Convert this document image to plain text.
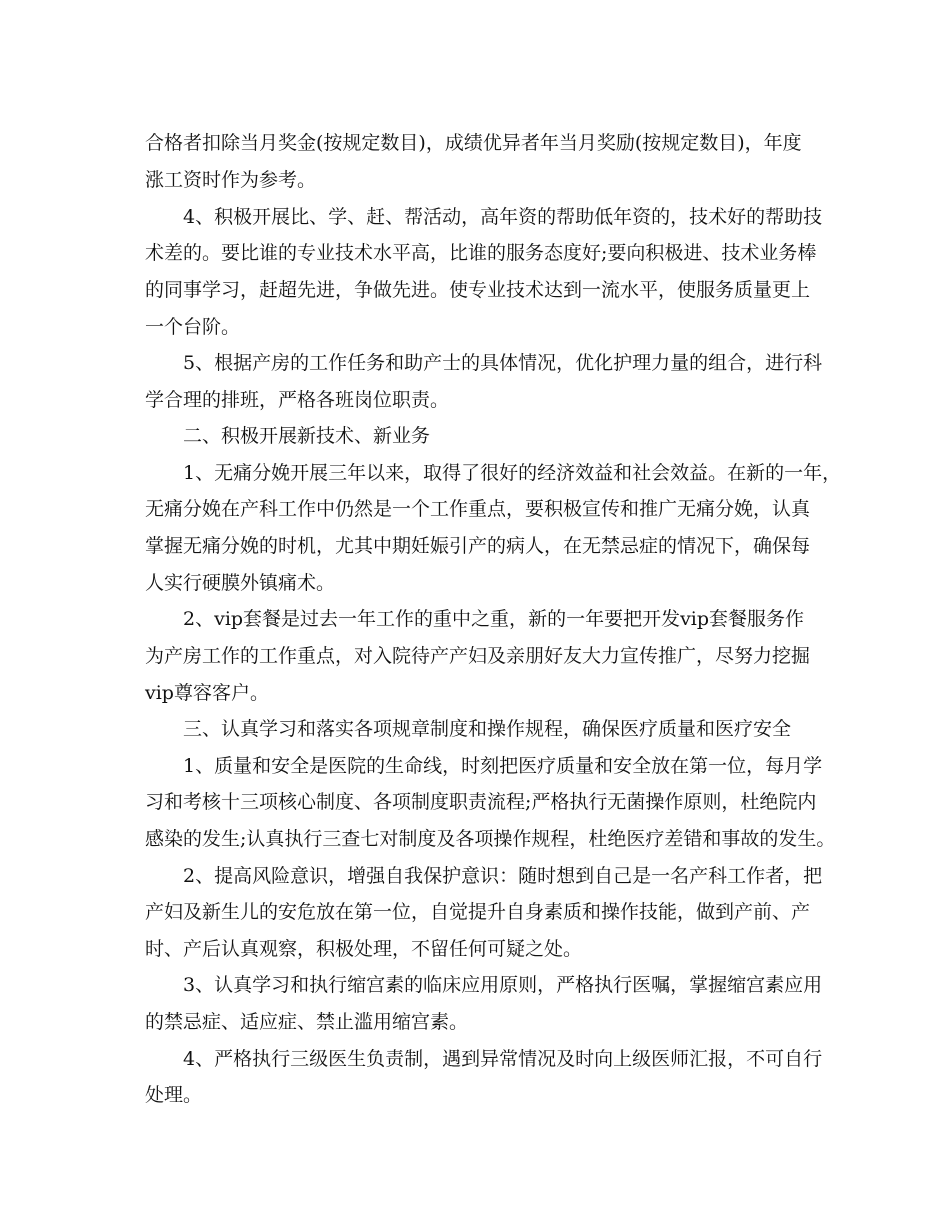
合格者扣除当月奖金(按规定数目)，成绩优异者年当月奖励(按规定数目)，年度
涨工资时作为参考。
4、积极开展比、学、赶、帮活动，高年资的帮助低年资的，技术好的帮助技
术差的。要比谁的专业技术水平高，比谁的服务态度好;要向积极进、技术业务棒
的同事学习，赶超先进，争做先进。使专业技术达到一流水平，使服务质量更上
一个台阶。
5、根据产房的工作任务和助产士的具体情况，优化护理力量的组合，进行科
学合理的排班，严格各班岗位职责。
二、积极开展新技术、新业务
1、无痛分娩开展三年以来，取得了很好的经济效益和社会效益。在新的一年，
无痛分娩在产科工作中仍然是一个工作重点，要积极宣传和推广无痛分娩，认真
掌握无痛分娩的时机，尤其中期妊娠引产的病人，在无禁忌症的情况下，确保每
人实行硬膜外镇痛术。
2、vip套餐是过去一年工作的重中之重，新的一年要把开发vip套餐服务作
为产房工作的工作重点，对入院待产产妇及亲朋好友大力宣传推广，尽努力挖掘
vip尊容客户。
三、认真学习和落实各项规章制度和操作规程，确保医疗质量和医疗安全
1、质量和安全是医院的生命线，时刻把医疗质量和安全放在第一位，每月学
习和考核十三项核心制度、各项制度职责流程;严格执行无菌操作原则，杜绝院内
感染的发生;认真执行三查七对制度及各项操作规程，杜绝医疗差错和事故的发生。
2、提高风险意识，增强自我保护意识：随时想到自己是一名产科工作者，把
产妇及新生儿的安危放在第一位，自觉提升自身素质和操作技能，做到产前、产
时、产后认真观察，积极处理，不留任何可疑之处。
3、认真学习和执行缩宫素的临床应用原则，严格执行医嘱，掌握缩宫素应用
的禁忌症、适应症、禁止滥用缩宫素。
4、严格执行三级医生负责制，遇到异常情况及时向上级医师汇报，不可自行
处理。
